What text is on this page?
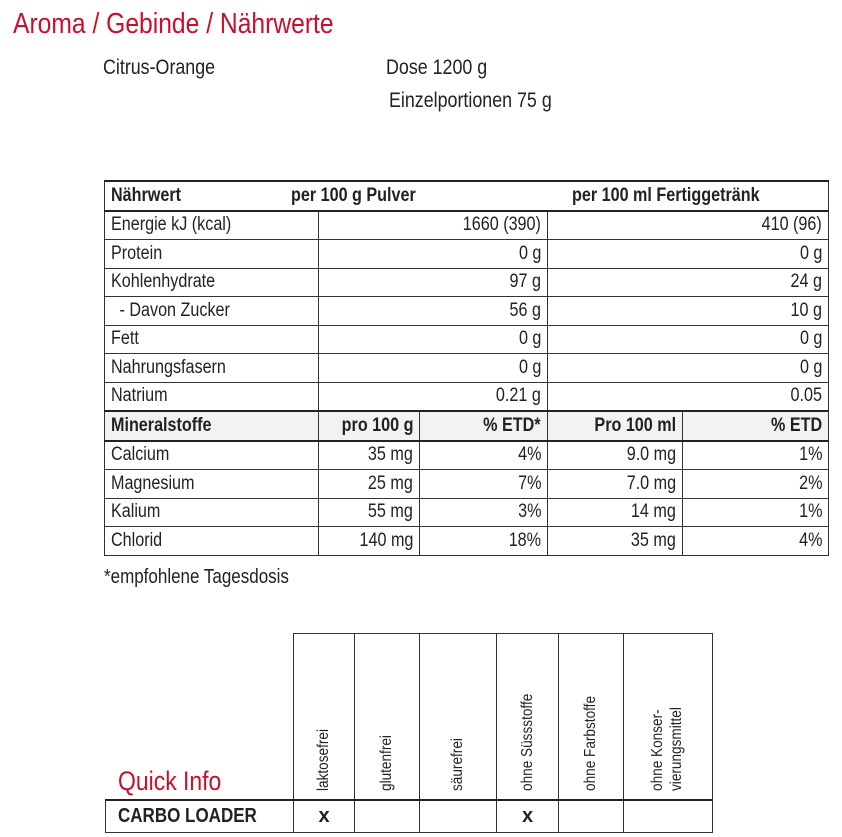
Aroma / Gebinde / Nährwerte
Citrus-Orange	Dose 1200 g
Einzelportionen 75 g
Nährwert	per 100 g Pulver		per 100 ml Fertiggetränk	
Energie kJ (kcal)	1660 (390)		410 (96)	
Protein	0 g		0 g	
Kohlenhydrate	97 g		24 g	
- Davon Zucker	56 g		10 g	
Fett	0 g		0 g	
Nahrungsfasern	0 g		0 g	
Natrium	0.21 g		0.05	
Mineralstoffe	pro 100 g	% ETD*	Pro 100 ml	% ETD
Calcium	35 mg	4%	9.0 mg	1%
Magnesium	25 mg	7%	7.0 mg	2%
Kalium	55 mg	3%	14 mg	1%
Chlorid	140 mg	18%	35 mg	4%
*empfohlene Tagesdosis
Quick Info	laktosefrei	glutenfrei	säurefrei	ohne Süssstoffe	ohne Farbstoffe	ohne Konser- vierungsmittel

CARBO LOADER	x			x		
